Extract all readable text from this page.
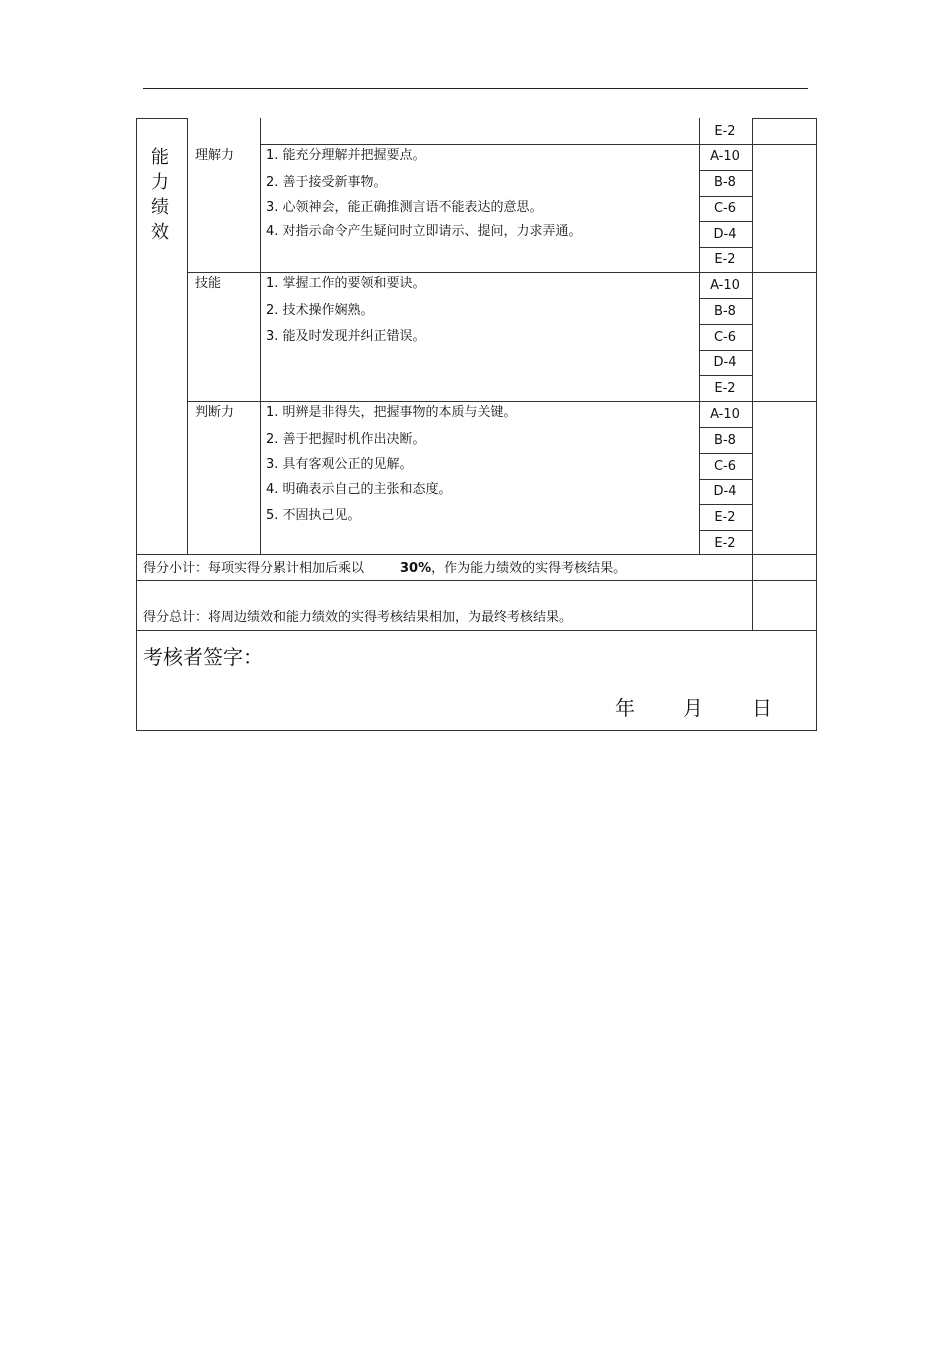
能力绩效
E-2
理解力 1. 能充分理解并把握要点。
2. 善于接受新事物。
3. 心领神会，能正确推测言语不能表达的意思。
4. 对指示命令产生疑问时立即请示、提问，力求弄通。
A-10
B-8
C-6
D-4
E-2
技能	1. 掌握工作的要领和要诀。
2. 技术操作娴熟。
3. 能及时发现并纠正错误。
A-10
B-8
C-6
D-4
E-2
判断力 1. 明辨是非得失，把握事物的本质与关键。
2. 善于把握时机作出决断。
3. 具有客观公正的见解。
4. 明确表示自己的主张和态度。
5. 不固执己见。
A-10
B-8
C-6
D-4
E-2
E-2
得分小计：每项实得分累计相加后乘以	30%，作为能力绩效的实得考核结果。
得分总计：将周边绩效和能力绩效的实得考核结果相加，为最终考核结果。
考核者签字：
年 月 日
